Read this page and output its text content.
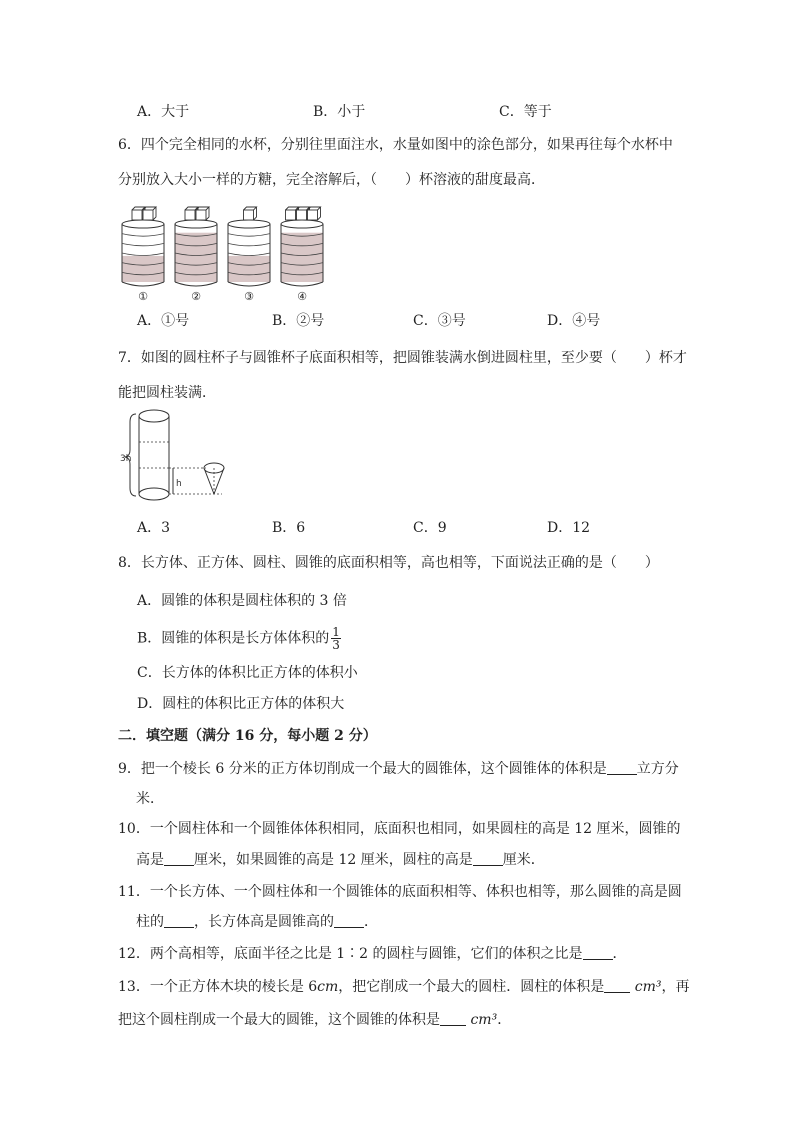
A．大于	B．小于	C．等于
6．四个完全相同的水杯，分别往里面注水，水量如图中的涂色部分，如果再往每个水杯中
分别放入大小一样的方糖，完全溶解后，（　　）杯溶液的甜度最高．
①	②	③	④
A．①号	B．②号	C．③号	D．④号
7．如图的圆柱杯子与圆锥杯子底面积相等，把圆锥装满水倒进圆柱里，至少要（　　）杯才
能把圆柱装满．
3h
h
A．3	B．6	C．9	D．12
8．长方体、正方体、圆柱、圆锥的底面积相等，高也相等，下面说法正确的是（　　）
A．圆锥的体积是圆柱体积的 3 倍
B．圆锥的体积是长方体体积的 $\frac{1}{3}$
C．长方体的体积比正方体的体积小
D．圆柱的体积比正方体的体积大
二．填空题（满分 16 分，每小题 2 分）
9．把一个棱长 6 分米的正方体切削成一个最大的圆锥体，这个圆锥体的体积是 立方分
米．
10．一个圆柱体和一个圆锥体体积相同，底面积也相同，如果圆柱的高是 12 厘米，圆锥的
高是 厘米，如果圆锥的高是 12 厘米，圆柱的高是 厘米．
11．一个长方体、一个圆柱体和一个圆锥体的底面积相等、体积也相等，那么圆锥的高是圆
柱的 ，长方体高是圆锥高的 ．
12．两个高相等，底面半径之比是 1∶2 的圆柱与圆锥，它们的体积之比是 ．
13．一个正方体木块的棱长是 6cm，把它削成一个最大的圆柱．圆柱的体积是 cm³，再
把这个圆柱削成一个最大的圆锥，这个圆锥的体积是 cm³．
